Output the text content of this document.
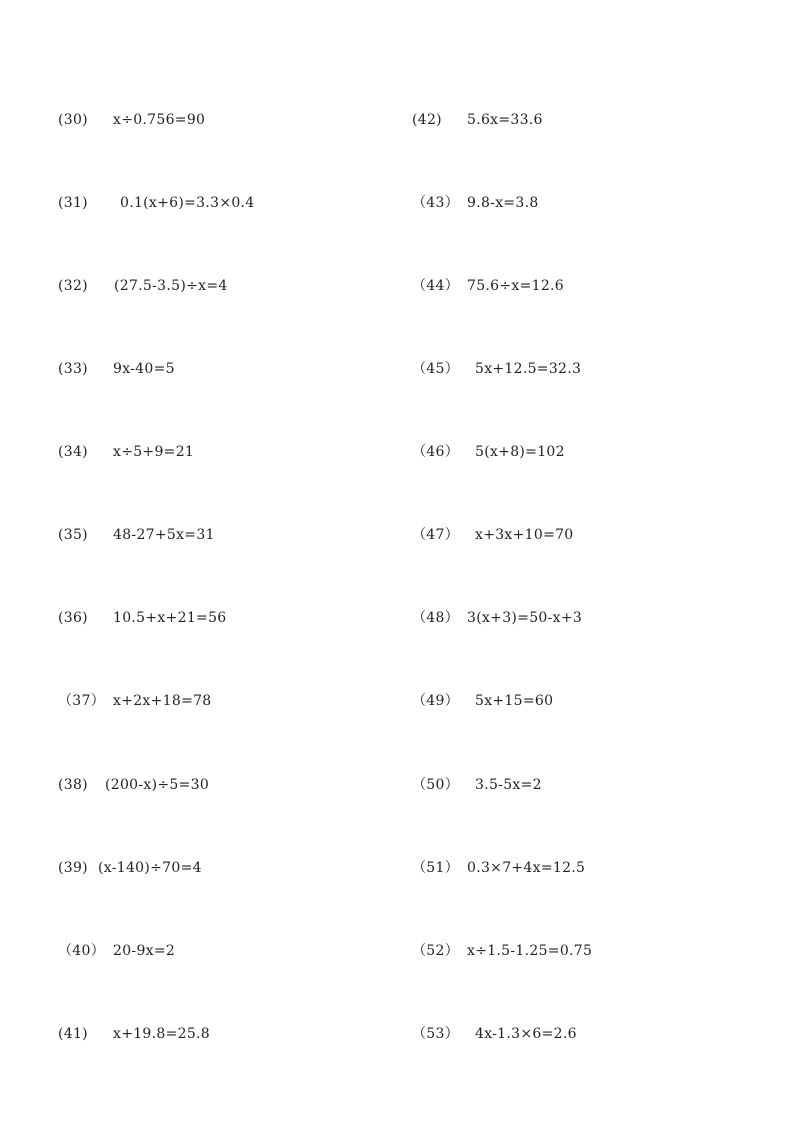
(30)

x÷0.756=90

(31)

0.1(x+6)=3.3×0.4

(32)

(27.5-3.5)÷x=4

(33)

9x-40=5

(34)

x÷5+9=21

(35)

48-27+5x=31

(36)

10.5+x+21=56

（37）

x+2x+18=78

(38)

(200-x)÷5=30

(39)

(x-140)÷70=4

（40）

20-9x=2

(41)

x+19.8=25.8

(42)

5.6x=33.6

（43）

9.8-x=3.8

（44）

75.6÷x=12.6

（45）

5x+12.5=32.3

（46）

5(x+8)=102

（47）

x+3x+10=70

（48）

3(x+3)=50-x+3

（49）

5x+15=60

（50）

3.5-5x=2

（51）

0.3×7+4x=12.5

（52）

x÷1.5-1.25=0.75

（53）

4x-1.3×6=2.6
